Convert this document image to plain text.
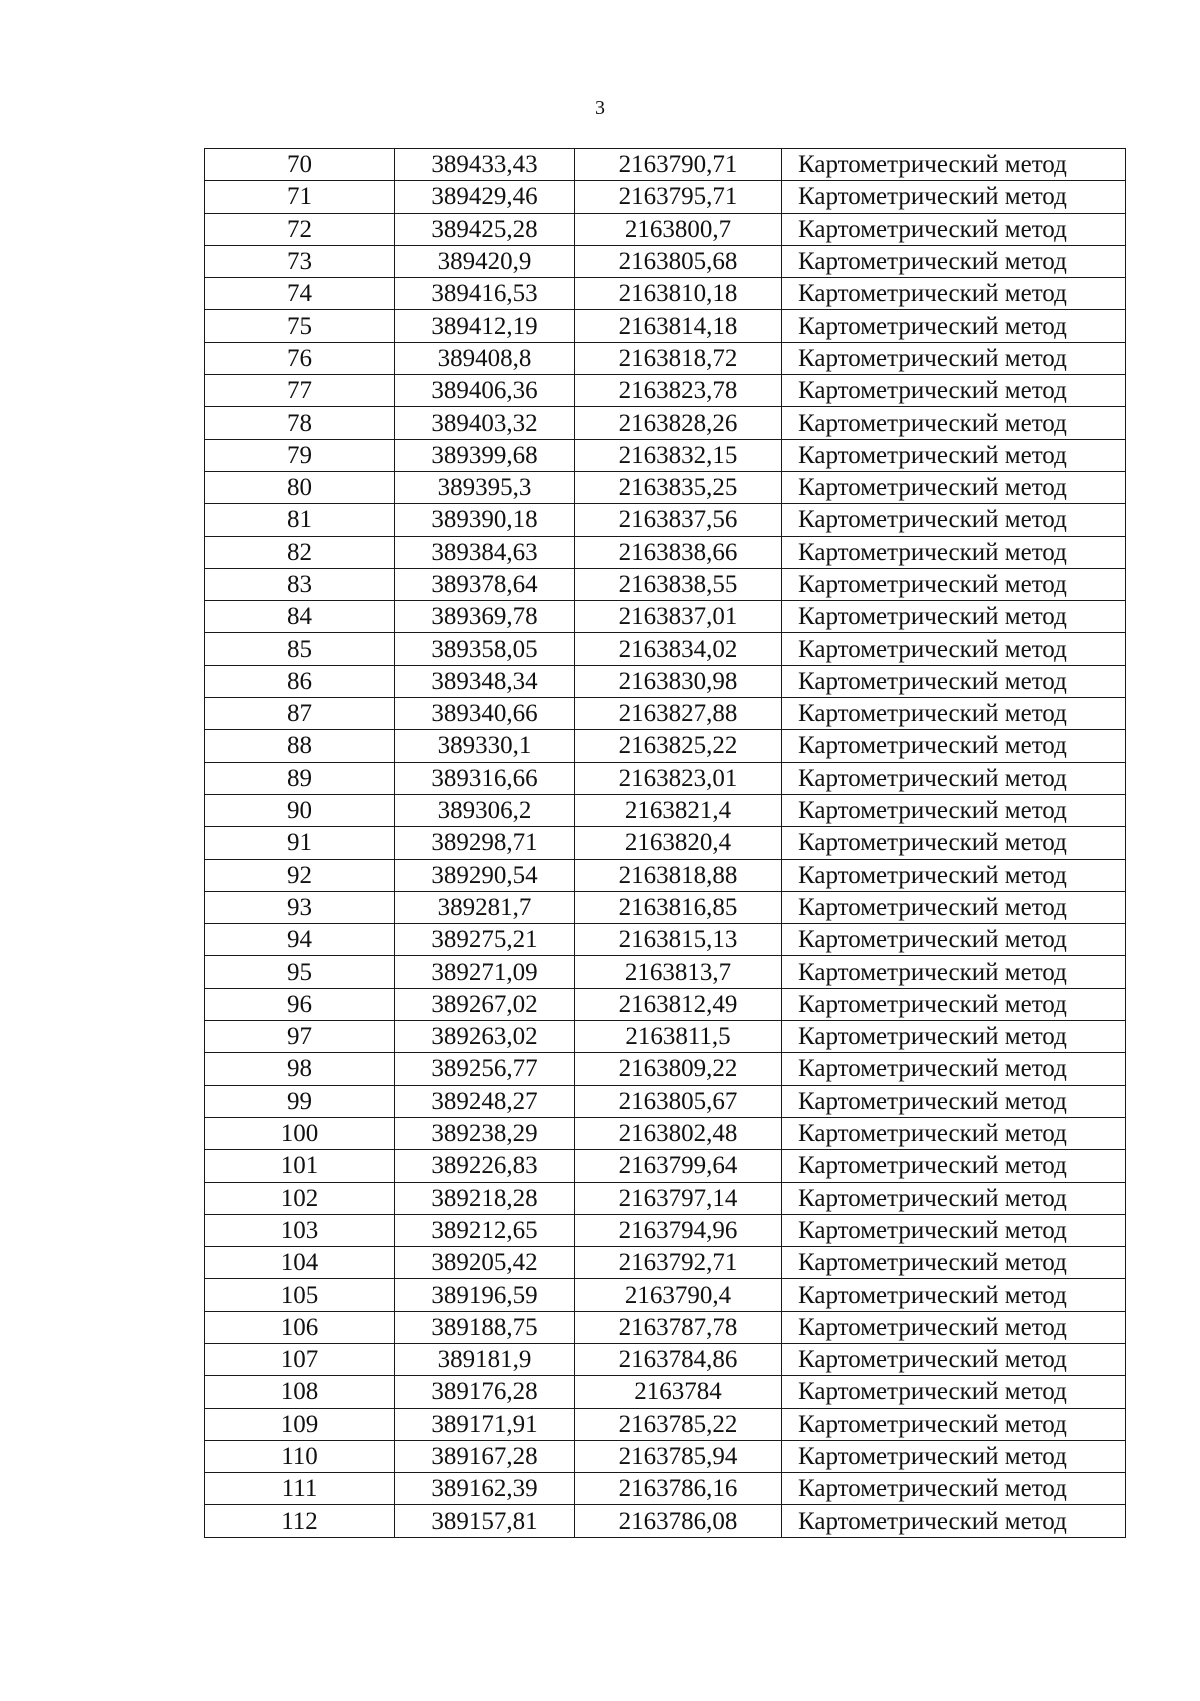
3
70	389433,43	2163790,71	Картометрический метод
71	389429,46	2163795,71	Картометрический метод
72	389425,28	2163800,7	Картометрический метод
73	389420,9	2163805,68	Картометрический метод
74	389416,53	2163810,18	Картометрический метод
75	389412,19	2163814,18	Картометрический метод
76	389408,8	2163818,72	Картометрический метод
77	389406,36	2163823,78	Картометрический метод
78	389403,32	2163828,26	Картометрический метод
79	389399,68	2163832,15	Картометрический метод
80	389395,3	2163835,25	Картометрический метод
81	389390,18	2163837,56	Картометрический метод
82	389384,63	2163838,66	Картометрический метод
83	389378,64	2163838,55	Картометрический метод
84	389369,78	2163837,01	Картометрический метод
85	389358,05	2163834,02	Картометрический метод
86	389348,34	2163830,98	Картометрический метод
87	389340,66	2163827,88	Картометрический метод
88	389330,1	2163825,22	Картометрический метод
89	389316,66	2163823,01	Картометрический метод
90	389306,2	2163821,4	Картометрический метод
91	389298,71	2163820,4	Картометрический метод
92	389290,54	2163818,88	Картометрический метод
93	389281,7	2163816,85	Картометрический метод
94	389275,21	2163815,13	Картометрический метод
95	389271,09	2163813,7	Картометрический метод
96	389267,02	2163812,49	Картометрический метод
97	389263,02	2163811,5	Картометрический метод
98	389256,77	2163809,22	Картометрический метод
99	389248,27	2163805,67	Картометрический метод
100	389238,29	2163802,48	Картометрический метод
101	389226,83	2163799,64	Картометрический метод
102	389218,28	2163797,14	Картометрический метод
103	389212,65	2163794,96	Картометрический метод
104	389205,42	2163792,71	Картометрический метод
105	389196,59	2163790,4	Картометрический метод
106	389188,75	2163787,78	Картометрический метод
107	389181,9	2163784,86	Картометрический метод
108	389176,28	2163784	Картометрический метод
109	389171,91	2163785,22	Картометрический метод
110	389167,28	2163785,94	Картометрический метод
111	389162,39	2163786,16	Картометрический метод
112	389157,81	2163786,08	Картометрический метод
